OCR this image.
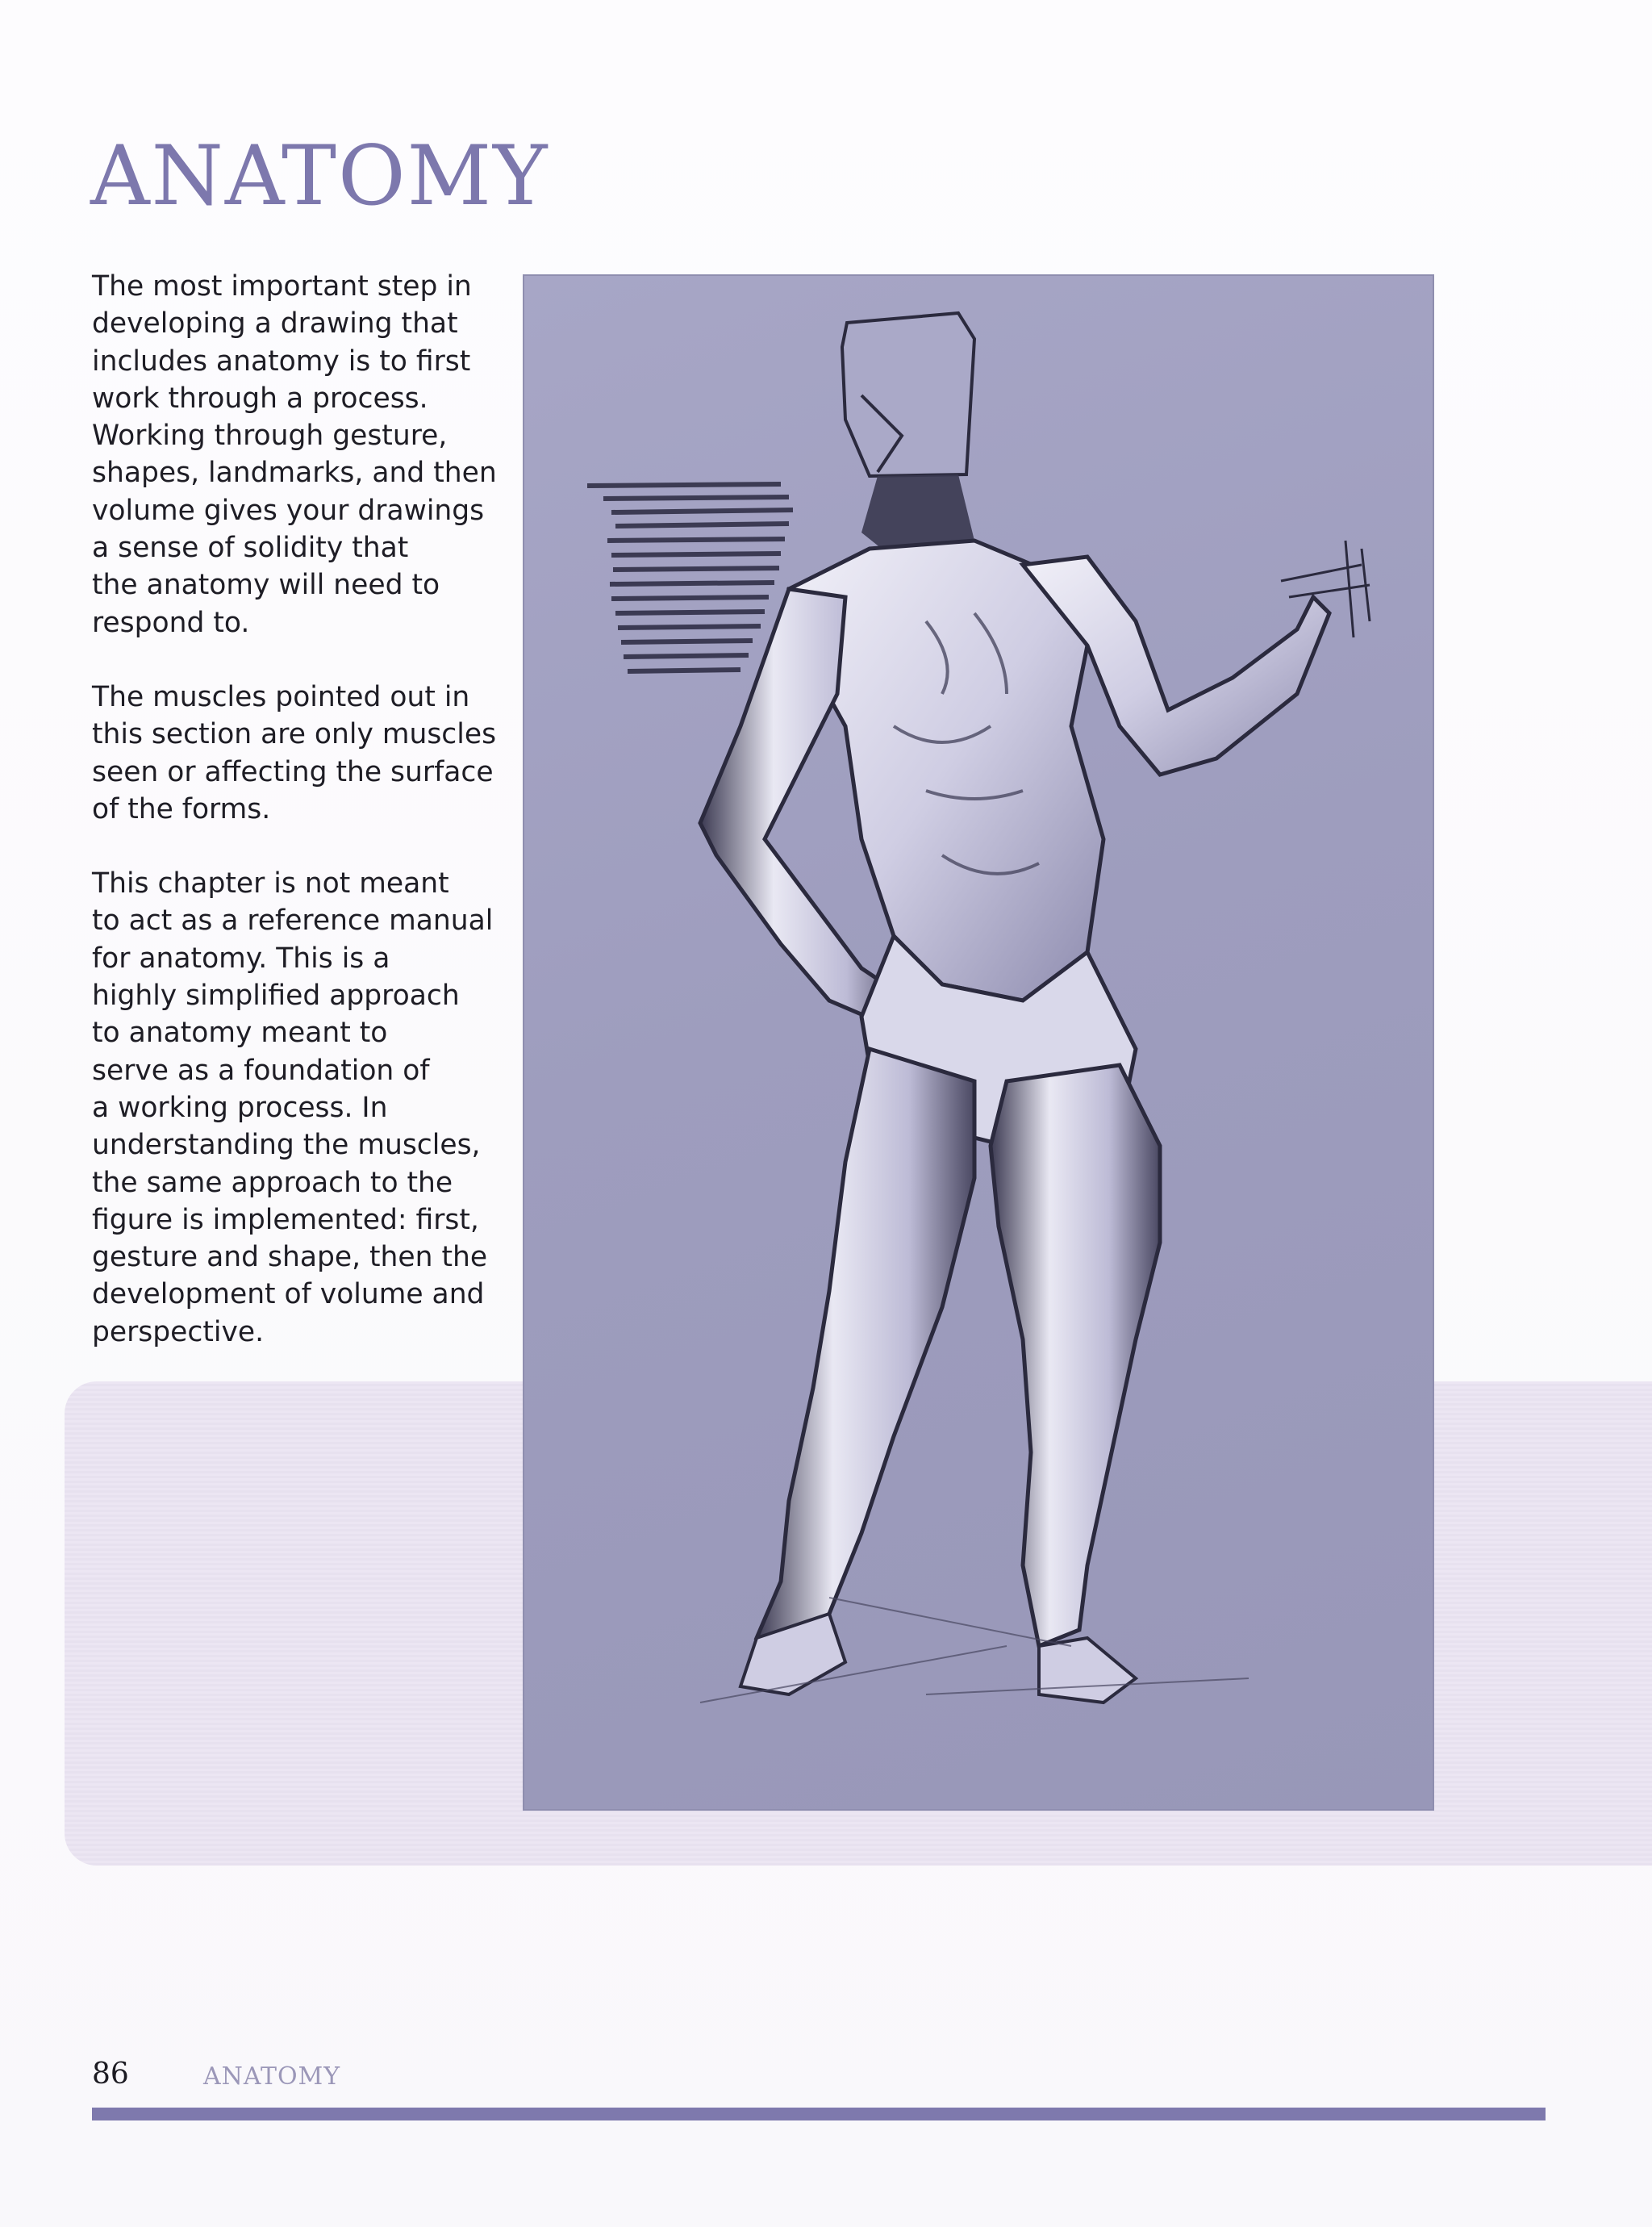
ANATOMY

The most important step in
developing a drawing that
includes anatomy is to first
work through a process.
Working through gesture,
shapes, landmarks, and then
volume gives your drawings
a sense of solidity that
the anatomy will need to
respond to.

The muscles pointed out in
this section are only muscles
seen or affecting the surface
of the forms.

This chapter is not meant
to act as a reference manual
for anatomy. This is a
highly simplified approach
to anatomy meant to
serve as a foundation of
a working process. In
understanding the muscles,
the same approach to the
figure is implemented: first,
gesture and shape, then the
development of volume and
perspective.

86	ANATOMY
